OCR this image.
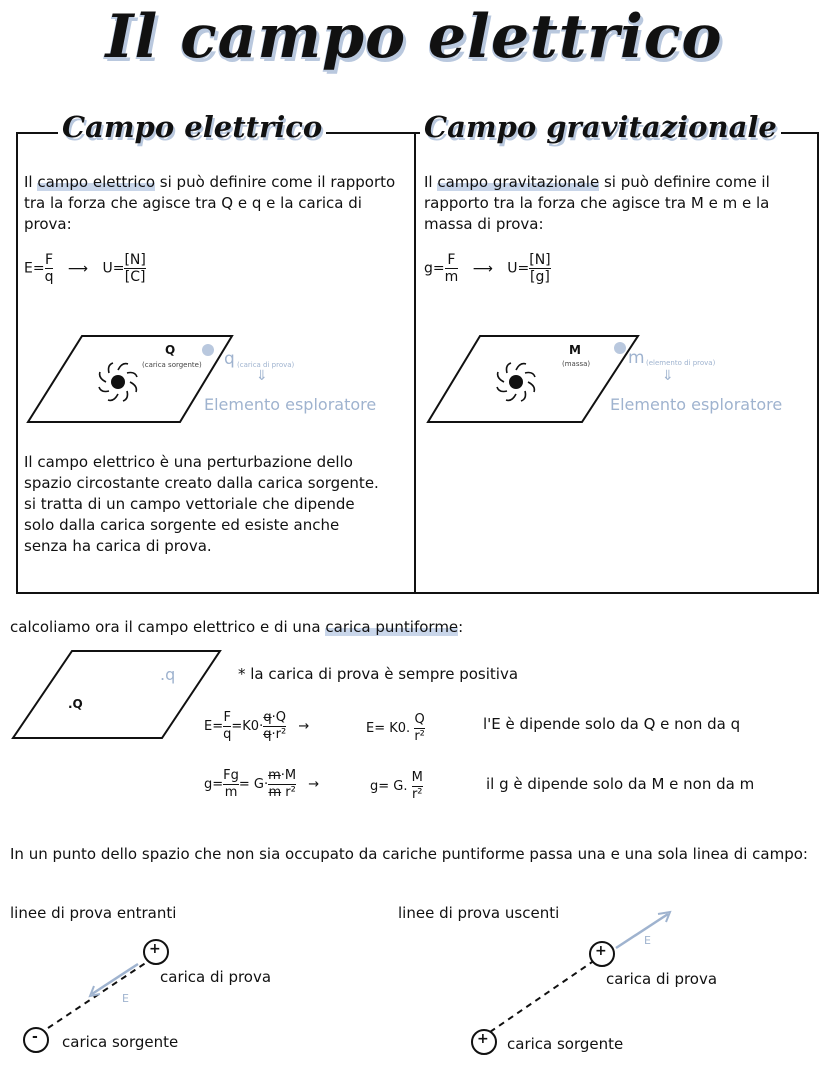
Il campo elettrico
Campo elettrico	Campo gravitazionale
Il campo elettrico si può definire come il rapporto tra la forza che agisce tra Q e q e la carica di prova:
$E= \frac{F}{q}$ ⟶ $U= \frac{[N]}{[C]}$
Q
(carica sorgente) q (carica di prova)
⇓
Elemento esploratore
Il campo elettrico è una perturbazione dello spazio circostante creato dalla carica sorgente. si tratta di un campo vettoriale che dipende solo dalla carica sorgente ed esiste anche senza ha carica di prova.
Il campo gravitazionale si può definire come il rapporto tra la forza che agisce tra M e m e la massa di prova:
$g= \frac{F}{m}$ ⟶ $U= \frac{[N]}{[g]}$
M
(massa) m (elemento di prova)
⇓
Elemento esploratore
calcoliamo ora il campo elettrico e di una carica puntiforme:
.Q
.q	* la carica di prova è sempre positiva
$E= \frac{F}{q} =K0\cdot \frac{q\cdot Q}{\text{q·r²}}$ →	E= K0. $\frac{Q}{\text{r²}}$	l'E è dipende solo da Q e non da q
$g= \frac{Fg}{m} = G\cdot \frac{m\cdot M}{\text{m r²}}$ →	g= G. $\frac{M}{\text{r²}}$	il g è dipende solo da M e non da m
In un punto dello spazio che non sia occupato da cariche puntiforme passa una e una sola linea di campo:
linee di prova entranti	linee di prova uscenti
+
-
E
carica di prova
carica sorgente
+
+
E
carica di prova
carica sorgente
